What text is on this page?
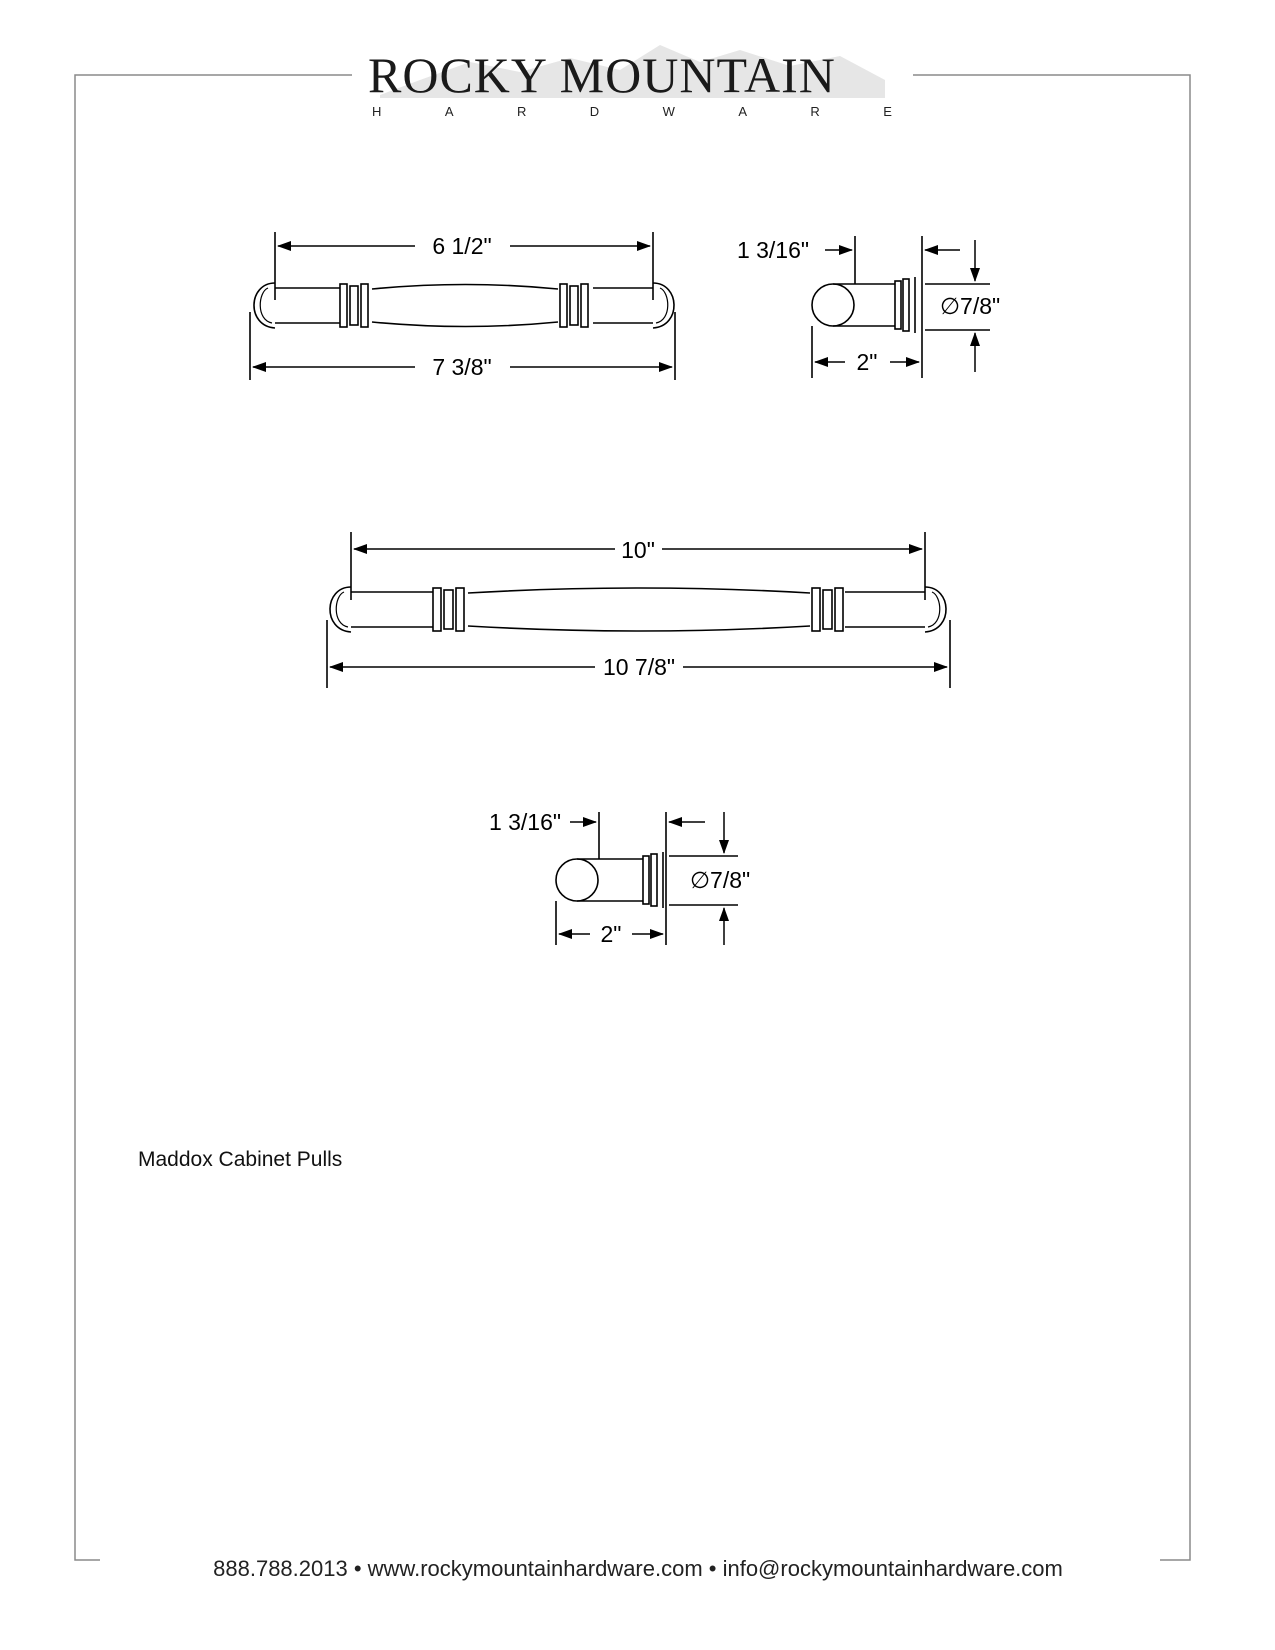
ROCKY MOUNTAIN
H	A	R	D	W	A	R	E
6 1/2"
7 3/8"
1 3/16"
∅7/8"
2"
10"
10 7/8"
1 3/16"
∅7/8"
2"
Maddox Cabinet Pulls
888.788.2013 • www.rockymountainhardware.com • info@rockymountainhardware.com
